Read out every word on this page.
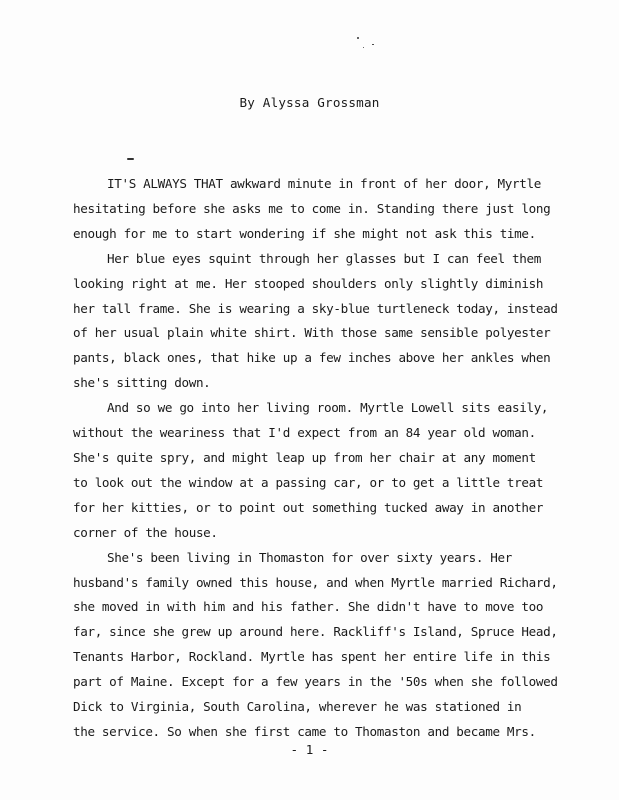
By Alyssa Grossman
IT'S ALWAYS THAT awkward minute in front of her door, Myrtle
hesitating before she asks me to come in. Standing there just long
enough for me to start wondering if she might not ask this time.
Her blue eyes squint through her glasses but I can feel them
looking right at me. Her stooped shoulders only slightly diminish
her tall frame. She is wearing a sky-blue turtleneck today, instead
of her usual plain white shirt. With those same sensible polyester
pants, black ones, that hike up a few inches above her ankles when
she's sitting down.
And so we go into her living room. Myrtle Lowell sits easily,
without the weariness that I'd expect from an 84 year old woman.
She's quite spry, and might leap up from her chair at any moment
to look out the window at a passing car, or to get a little treat
for her kitties, or to point out something tucked away in another
corner of the house.
She's been living in Thomaston for over sixty years. Her
husband's family owned this house, and when Myrtle married Richard,
she moved in with him and his father. She didn't have to move too
far, since she grew up around here. Rackliff's Island, Spruce Head,
Tenants Harbor, Rockland. Myrtle has spent her entire life in this
part of Maine. Except for a few years in the '50s when she followed
Dick to Virginia, South Carolina, wherever he was stationed in
the service. So when she first came to Thomaston and became Mrs.
- 1 -
